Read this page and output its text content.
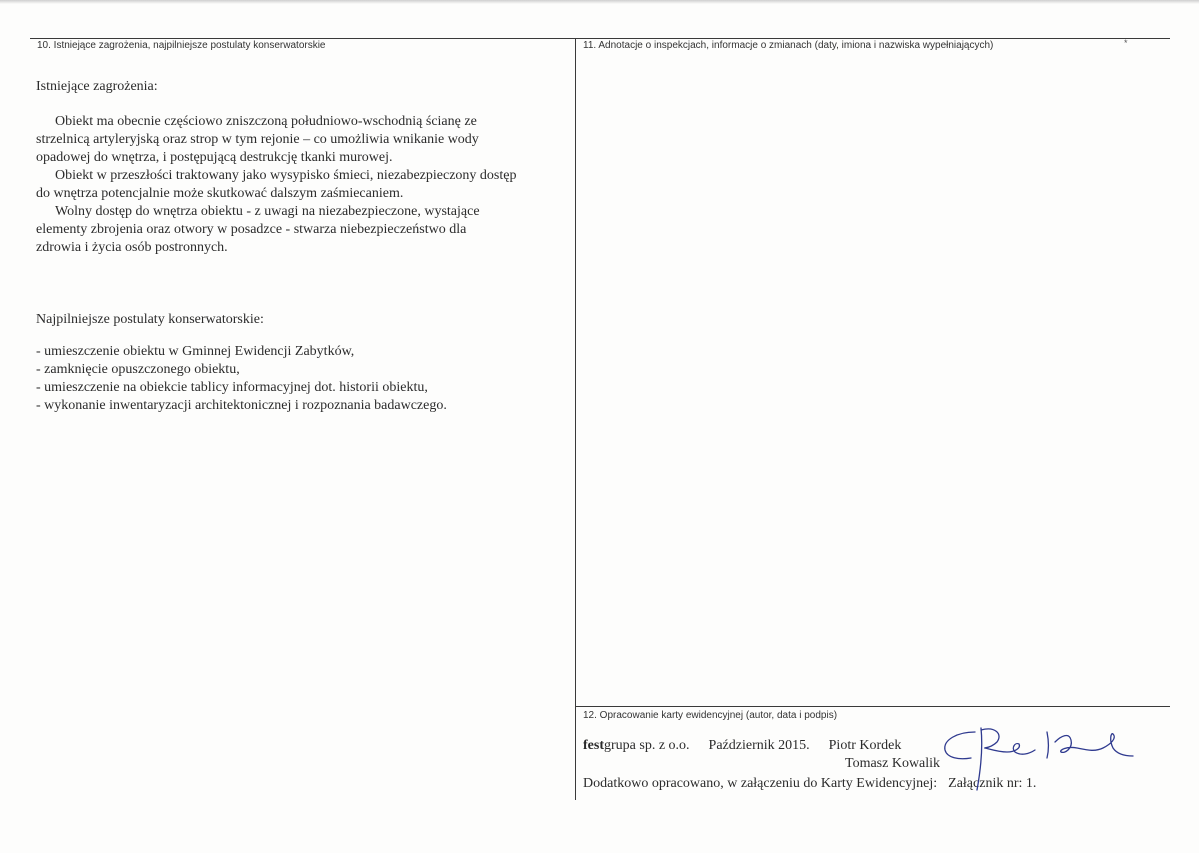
10. Istniejące zagrożenia, najpilniejsze postulaty konserwatorskie

Istniejące zagrożenia:

Obiekt ma obecnie częściowo zniszczoną południowo-wschodnią ścianę ze
strzelnicą artyleryjską oraz strop w tym rejonie – co umożliwia wnikanie wody
opadowej do wnętrza, i postępującą destrukcję tkanki murowej.

Obiekt w przeszłości traktowany jako wysypisko śmieci, niezabezpieczony dostęp
do wnętrza potencjalnie może skutkować dalszym zaśmiecaniem.

Wolny dostęp do wnętrza obiektu - z uwagi na niezabezpieczone, wystające
elementy zbrojenia oraz otwory w posadzce - stwarza niebezpieczeństwo dla
zdrowia i życia osób postronnych.

Najpilniejsze postulaty konserwatorskie:

- umieszczenie obiektu w Gminnej Ewidencji Zabytków,

- zamknięcie opuszczonego obiektu,

- umieszczenie na obiekcie tablicy informacyjnej dot. historii obiektu,

- wykonanie inwentaryzacji architektonicznej i rozpoznania badawczego.

11. Adnotacje o inspekcjach, informacje o zmianach (daty, imiona i nazwiska wypełniających)	*
12. Opracowanie karty ewidencyjnej (autor, data i podpis)
festgrupa sp. z o.o. Październik 2015. Piotr Kordek
Tomasz Kowalik
Dodatkowo opracowano, w załączeniu do Karty Ewidencyjnej: Załącznik nr: 1.
